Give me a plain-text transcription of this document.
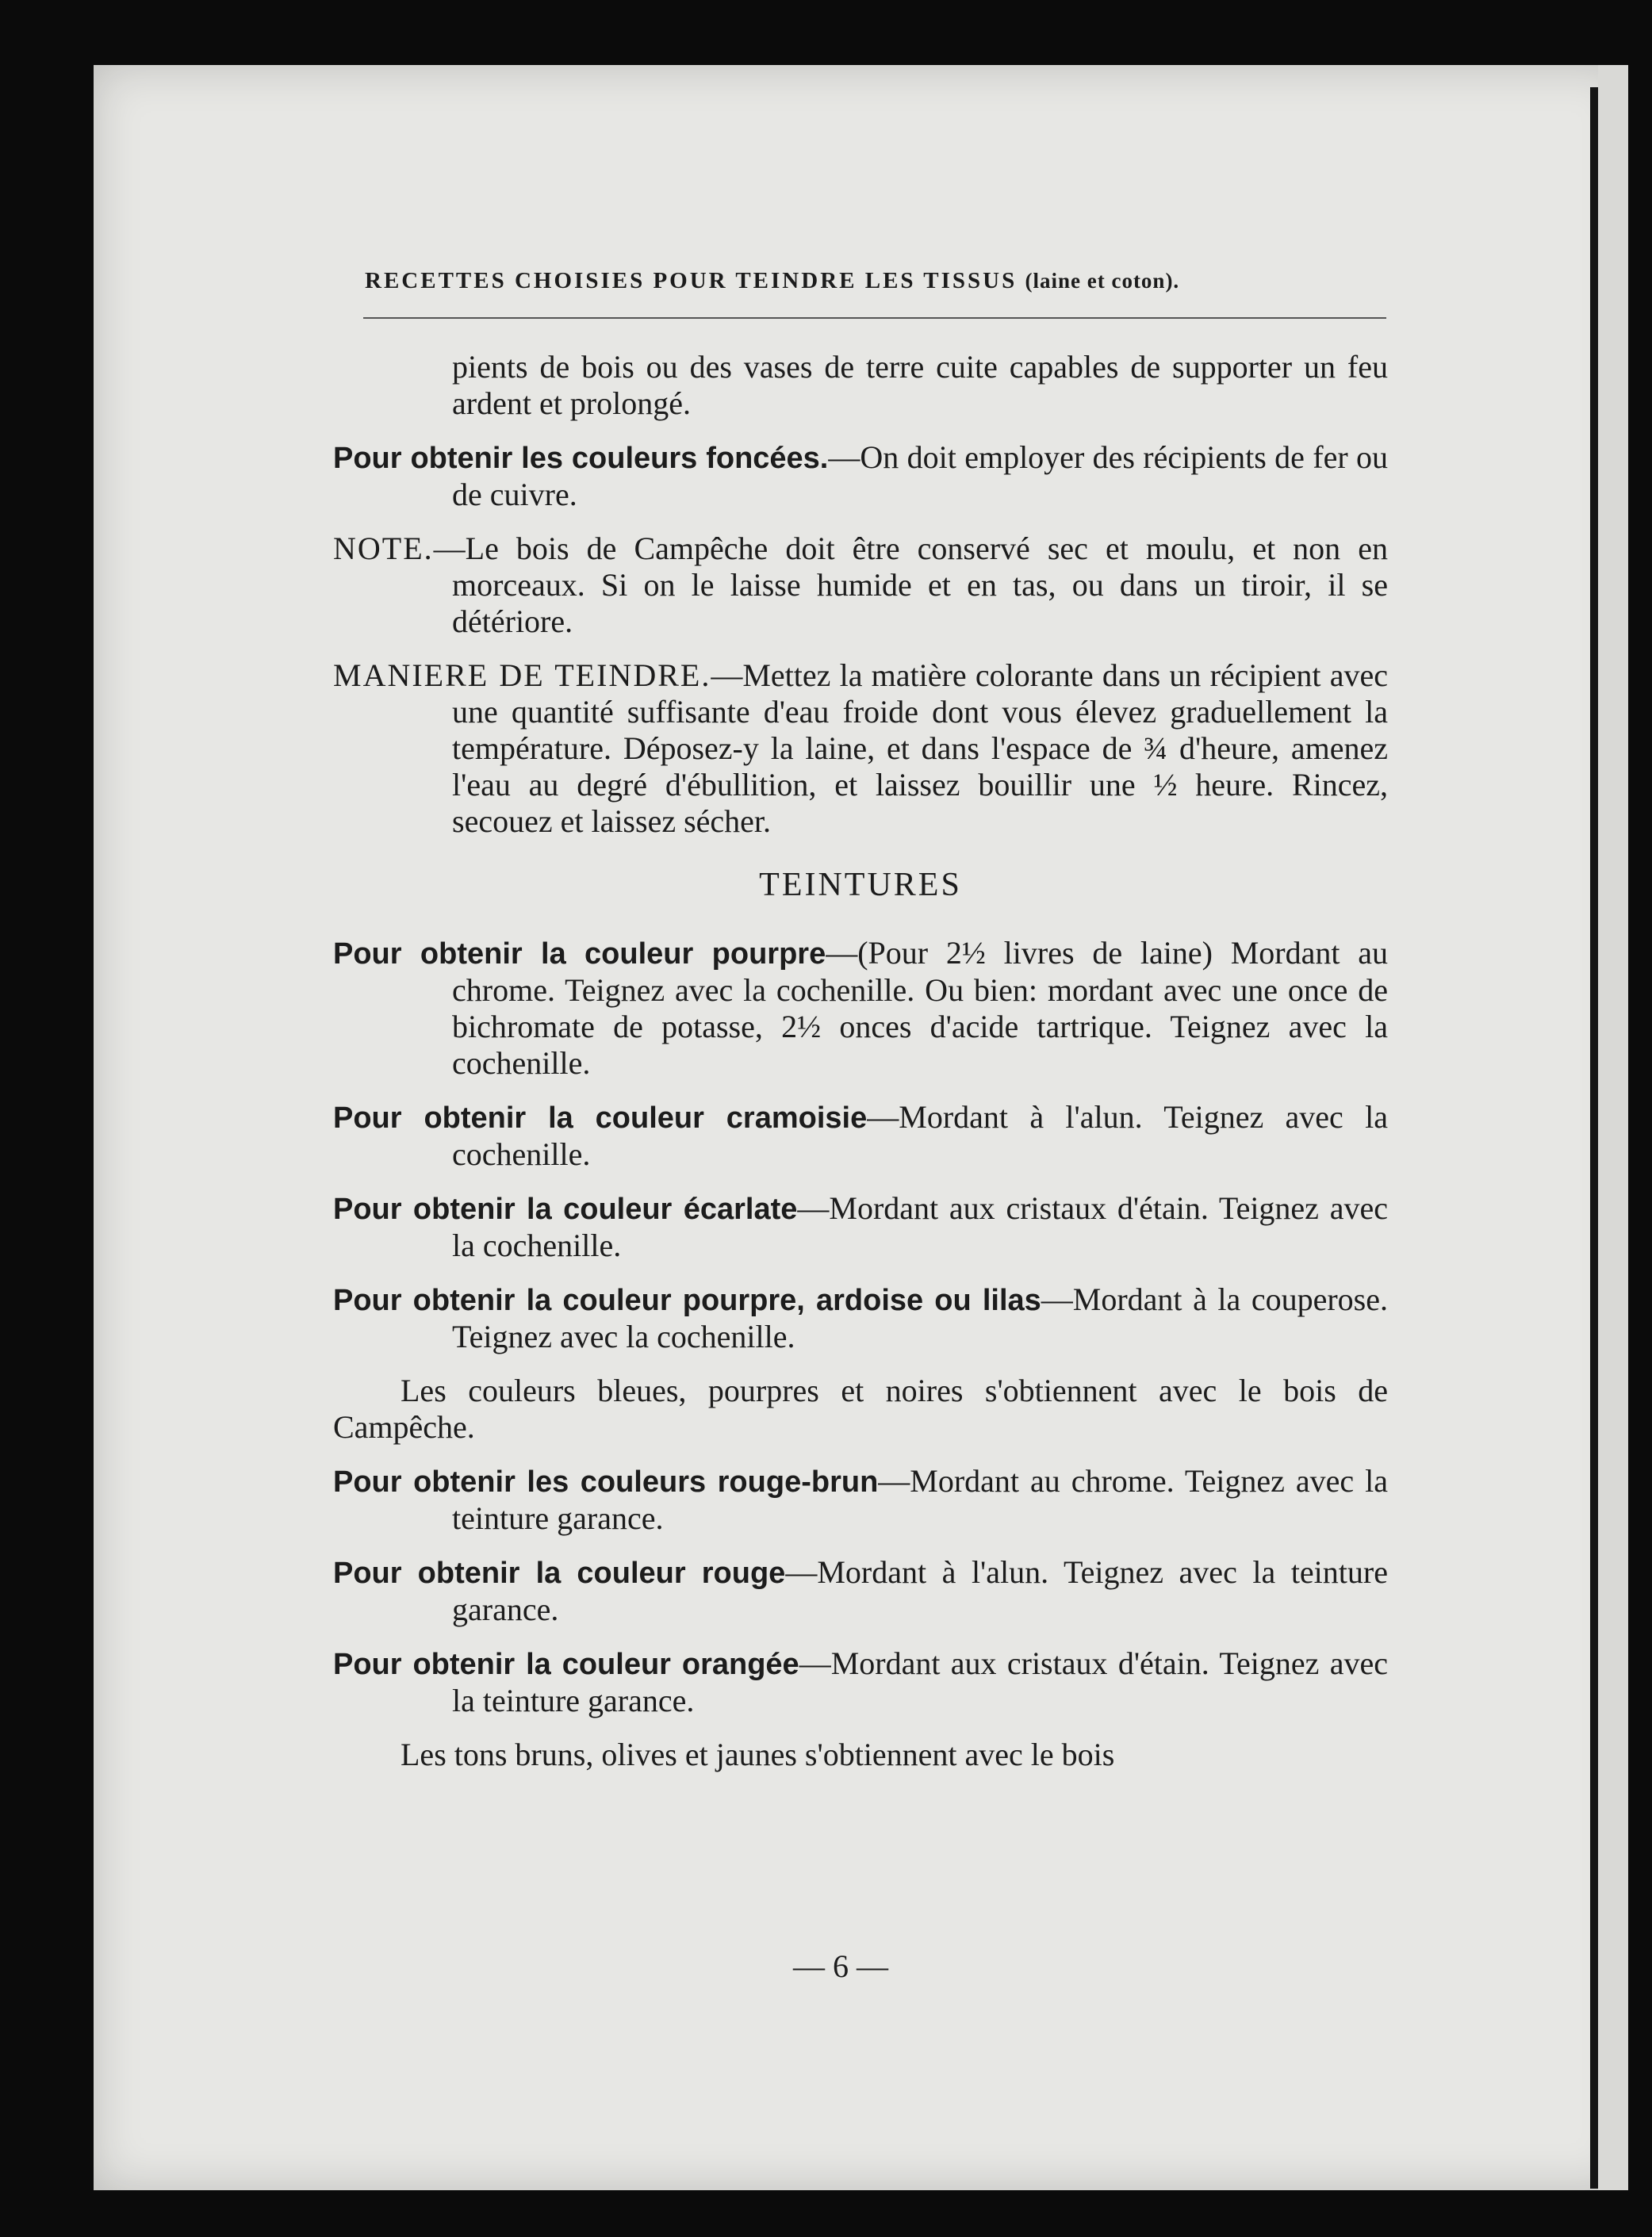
RECETTES CHOISIES POUR TEINDRE LES TISSUS (laine et coton).

pients de bois ou des vases de terre cuite capables de supporter un feu ardent et prolongé.

Pour obtenir les couleurs foncées.—On doit employer des récipients de fer ou de cuivre.

NOTE.—Le bois de Campêche doit être conservé sec et moulu, et non en morceaux. Si on le laisse humide et en tas, ou dans un tiroir, il se détériore.

MANIERE DE TEINDRE.—Mettez la matière colorante dans un récipient avec une quantité suffisante d'eau froide dont vous élevez graduellement la température. Déposez-y la laine, et dans l'espace de ¾ d'heure, amenez l'eau au degré d'ébullition, et laissez bouillir une ½ heure. Rincez, secouez et laissez sécher.

TEINTURES

Pour obtenir la couleur pourpre—(Pour 2½ livres de laine) Mordant au chrome. Teignez avec la cochenille. Ou bien: mordant avec une once de bichromate de potasse, 2½ onces d'acide tartrique. Teignez avec la cochenille.

Pour obtenir la couleur cramoisie—Mordant à l'alun. Teignez avec la cochenille.

Pour obtenir la couleur écarlate—Mordant aux cristaux d'étain. Teignez avec la cochenille.

Pour obtenir la couleur pourpre, ardoise ou lilas—Mordant à la couperose. Teignez avec la cochenille.

Les couleurs bleues, pourpres et noires s'obtiennent avec le bois de Campêche.

Pour obtenir les couleurs rouge-brun—Mordant au chrome. Teignez avec la teinture garance.

Pour obtenir la couleur rouge—Mordant à l'alun. Teignez avec la teinture garance.

Pour obtenir la couleur orangée—Mordant aux cristaux d'étain. Teignez avec la teinture garance.

Les tons bruns, olives et jaunes s'obtiennent avec le bois

— 6 —
